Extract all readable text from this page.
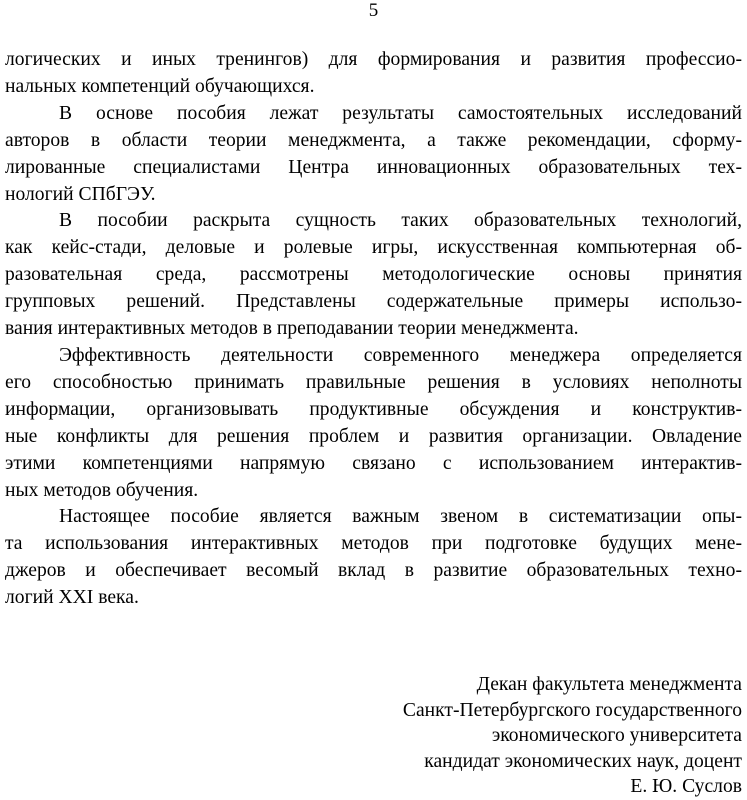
5
логических и иных тренингов) для формирования и развития профессио-
нальных компетенций обучающихся.
В основе пособия лежат результаты самостоятельных исследований
авторов в области теории менеджмента, а также рекомендации, сформу-
лированные специалистами Центра инновационных образовательных тех-
нологий СПбГЭУ.
В пособии раскрыта сущность таких образовательных технологий,
как кейс-стади, деловые и ролевые игры, искусственная компьютерная об-
разовательная среда, рассмотрены методологические основы принятия
групповых решений. Представлены содержательные примеры использо-
вания интерактивных методов в преподавании теории менеджмента.
Эффективность деятельности современного менеджера определяется
его способностью принимать правильные решения в условиях неполноты
информации, организовывать продуктивные обсуждения и конструктив-
ные конфликты для решения проблем и развития организации. Овладение
этими компетенциями напрямую связано с использованием интерактив-
ных методов обучения.
Настоящее пособие является важным звеном в систематизации опы-
та использования интерактивных методов при подготовке будущих мене-
джеров и обеспечивает весомый вклад в развитие образовательных техно-
логий XXI века.
Декан факультета менеджмента
Санкт-Петербургского государственного
экономического университета
кандидат экономических наук, доцент
Е. Ю. Суслов
